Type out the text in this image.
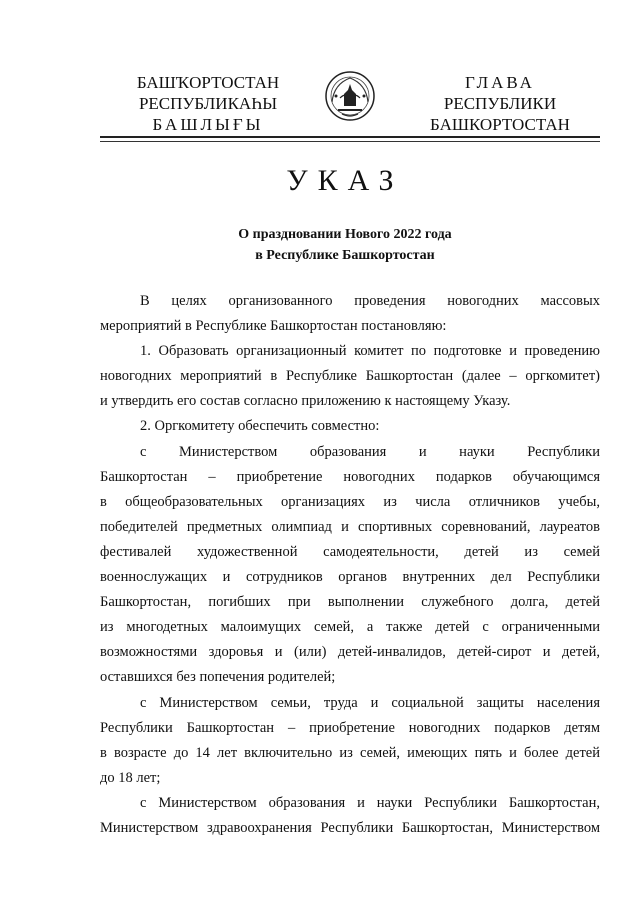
БАШҠОРТОСТАН
РЕСПУБЛИКАҺЫ
БАШЛЫҒЫ
ГЛАВА
РЕСПУБЛИКИ
БАШКОРТОСТАН
УКАЗ
О праздновании Нового 2022 года
в Республике Башкортостан
В целях организованного проведения новогодних массовых
мероприятий в Республике Башкортостан постановляю:
1. Образовать организационный комитет по подготовке и проведению
новогодних мероприятий в Республике Башкортостан (далее – оргкомитет)
и утвердить его состав согласно приложению к настоящему Указу.
2. Оргкомитету обеспечить совместно:
с Министерством образования и науки Республики
Башкортостан – приобретение новогодних подарков обучающимся
в общеобразовательных организациях из числа отличников учебы,
победителей предметных олимпиад и спортивных соревнований, лауреатов
фестивалей художественной самодеятельности, детей из семей
военнослужащих и сотрудников органов внутренних дел Республики
Башкортостан, погибших при выполнении служебного долга, детей
из многодетных малоимущих семей, а также детей с ограниченными
возможностями здоровья и (или) детей-инвалидов, детей-сирот и детей,
оставшихся без попечения родителей;
с Министерством семьи, труда и социальной защиты населения
Республики Башкортостан – приобретение новогодних подарков детям
в возрасте до 14 лет включительно из семей, имеющих пять и более детей
до 18 лет;
с Министерством образования и науки Республики Башкортостан,
Министерством здравоохранения Республики Башкортостан, Министерством
